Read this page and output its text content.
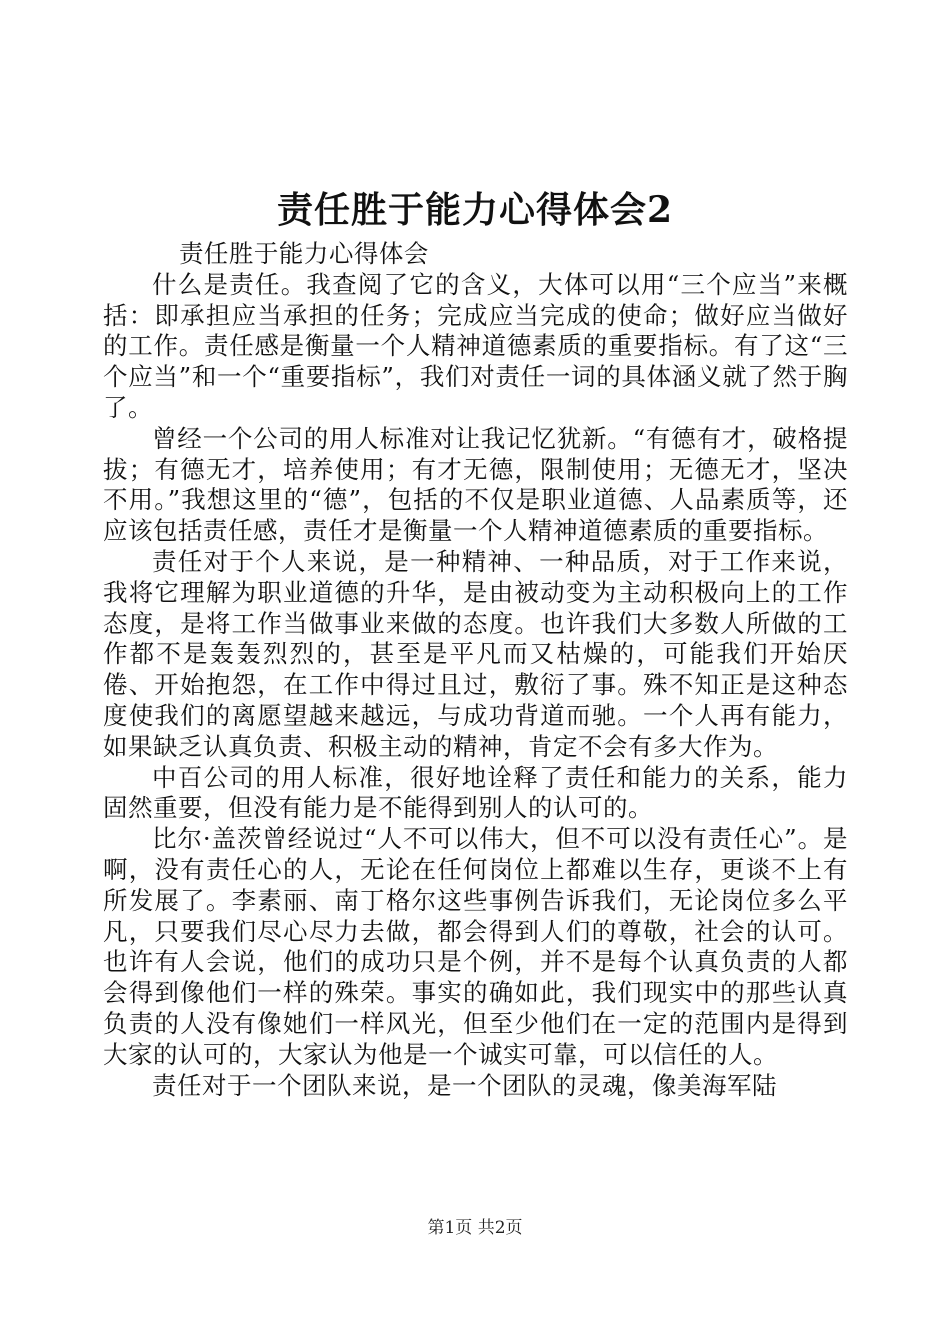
责任胜于能力心得体会2

责任胜于能力心得体会

什么是责任。我查阅了它的含义，大体可以用“三个应当”来概括：即承担应当承担的任务；完成应当完成的使命；做好应当做好的工作。责任感是衡量一个人精神道德素质的重要指标。有了这“三个应当”和一个“重要指标”，我们对责任一词的具体涵义就了然于胸了。

曾经一个公司的用人标准对让我记忆犹新。“有德有才，破格提拔；有德无才，培养使用；有才无德，限制使用；无德无才，坚决不用。”我想这里的“德”，包括的不仅是职业道德、人品素质等，还应该包括责任感，责任才是衡量一个人精神道德素质的重要指标。

责任对于个人来说，是一种精神、一种品质，对于工作来说，我将它理解为职业道德的升华，是由被动变为主动积极向上的工作态度，是将工作当做事业来做的态度。也许我们大多数人所做的工作都不是轰轰烈烈的，甚至是平凡而又枯燥的，可能我们开始厌倦、开始抱怨，在工作中得过且过，敷衍了事。殊不知正是这种态度使我们的离愿望越来越远，与成功背道而驰。一个人再有能力，如果缺乏认真负责、积极主动的精神，肯定不会有多大作为。

中百公司的用人标准，很好地诠释了责任和能力的关系，能力固然重要，但没有能力是不能得到别人的认可的。

比尔·盖茨曾经说过“人不可以伟大，但不可以没有责任心”。是啊，没有责任心的人，无论在任何岗位上都难以生存，更谈不上有所发展了。李素丽、南丁格尔这些事例告诉我们，无论岗位多么平凡，只要我们尽心尽力去做，都会得到人们的尊敬，社会的认可。也许有人会说，他们的成功只是个例，并不是每个认真负责的人都会得到像他们一样的殊荣。事实的确如此，我们现实中的那些认真负责的人没有像她们一样风光，但至少他们在一定的范围内是得到大家的认可的，大家认为他是一个诚实可靠，可以信任的人。

责任对于一个团队来说，是一个团队的灵魂，像美海军陆

第1页 共2页
